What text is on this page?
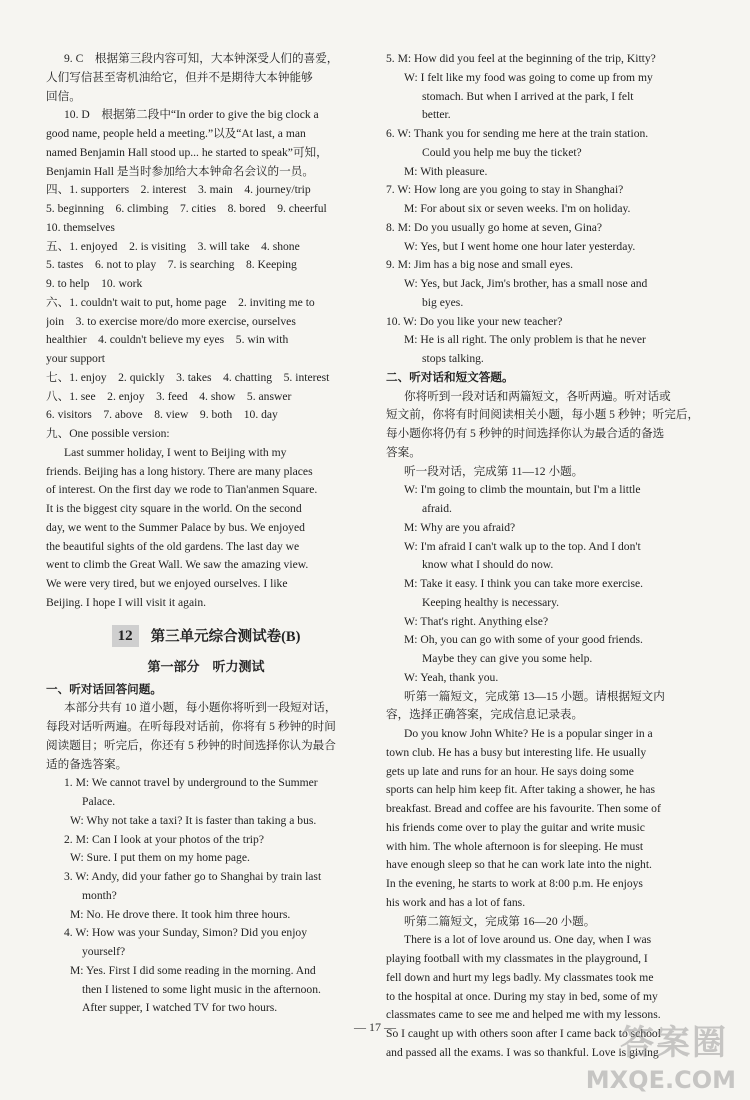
9. C　根据第三段内容可知，大本钟深受人们的喜爱，
人们写信甚至寄机油给它，但并不是期待大本钟能够
回信。
10. D　根据第二段中“In order to give the big clock a
good name, people held a meeting.”以及“At last, a man
named Benjamin Hall stood up... he started to speak”可知，
Benjamin Hall 是当时参加给大本钟命名会议的一员。
四、1. supporters　2. interest　3. main　4. journey/trip
5. beginning　6. climbing　7. cities　8. bored　9. cheerful
10. themselves
五、1. enjoyed　2. is visiting　3. will take　4. shone
5. tastes　6. not to play　7. is searching　8. Keeping
9. to help　10. work
六、1. couldn't wait to put, home page　2. inviting me to
join　3. to exercise more/do more exercise, ourselves
healthier　4. couldn't believe my eyes　5. win with
your support
七、1. enjoy　2. quickly　3. takes　4. chatting　5. interest
八、1. see　2. enjoy　3. feed　4. show　5. answer
6. visitors　7. above　8. view　9. both　10. day
九、One possible version:
Last summer holiday, I went to Beijing with my
friends. Beijing has a long history. There are many places
of interest. On the first day we rode to Tian'anmen Square.
It is the biggest city square in the world. On the second
day, we went to the Summer Palace by bus. We enjoyed
the beautiful sights of the old gardens. The last day we
went to climb the Great Wall. We saw the amazing view.
We were very tired, but we enjoyed ourselves. I like
Beijing. I hope I will visit it again.
12	第三单元综合测试卷(B)
第一部分　听力测试
一、听对话回答问题。
本部分共有 10 道小题，每小题你将听到一段短对话，
每段对话听两遍。在听每段对话前，你将有 5 秒钟的时间
阅读题目；听完后，你还有 5 秒钟的时间选择你认为最合
适的备选答案。
1. M: We cannot travel by underground to the Summer
Palace.
W: Why not take a taxi? It is faster than taking a bus.
2. M: Can I look at your photos of the trip?
W: Sure. I put them on my home page.
3. W: Andy, did your father go to Shanghai by train last
month?
M: No. He drove there. It took him three hours.
4. W: How was your Sunday, Simon? Did you enjoy
yourself?
M: Yes. First I did some reading in the morning. And
then I listened to some light music in the afternoon.
After supper, I watched TV for two hours.
5. M: How did you feel at the beginning of the trip, Kitty?
W: I felt like my food was going to come up from my
stomach. But when I arrived at the park, I felt
better.
6. W: Thank you for sending me here at the train station.
Could you help me buy the ticket?
M: With pleasure.
7. W: How long are you going to stay in Shanghai?
M: For about six or seven weeks. I'm on holiday.
8. M: Do you usually go home at seven, Gina?
W: Yes, but I went home one hour later yesterday.
9. M: Jim has a big nose and small eyes.
W: Yes, but Jack, Jim's brother, has a small nose and
big eyes.
10. W: Do you like your new teacher?
M: He is all right. The only problem is that he never
stops talking.
二、听对话和短文答题。
你将听到一段对话和两篇短文，各听两遍。听对话或
短文前，你将有时间阅读相关小题，每小题 5 秒钟；听完后，
每小题你将仍有 5 秒钟的时间选择你认为最合适的备选
答案。
听一段对话，完成第 11—12 小题。
W: I'm going to climb the mountain, but I'm a little
afraid.
M: Why are you afraid?
W: I'm afraid I can't walk up to the top. And I don't
know what I should do now.
M: Take it easy. I think you can take more exercise.
Keeping healthy is necessary.
W: That's right. Anything else?
M: Oh, you can go with some of your good friends.
Maybe they can give you some help.
W: Yeah, thank you.
听第一篇短文，完成第 13—15 小题。请根据短文内
容，选择正确答案，完成信息记录表。
Do you know John White? He is a popular singer in a
town club. He has a busy but interesting life. He usually
gets up late and runs for an hour. He says doing some
sports can help him keep fit. After taking a shower, he has
breakfast. Bread and coffee are his favourite. Then some of
his friends come over to play the guitar and write music
with him. The whole afternoon is for sleeping. He must
have enough sleep so that he can work late into the night.
In the evening, he starts to work at 8:00 p.m. He enjoys
his work and has a lot of fans.
听第二篇短文，完成第 16—20 小题。
There is a lot of love around us. One day, when I was
playing football with my classmates in the playground, I
fell down and hurt my legs badly. My classmates took me
to the hospital at once. During my stay in bed, some of my
classmates came to see me and helped me with my lessons.
So I caught up with others soon after I came back to school
and passed all the exams. I was so thankful. Love is giving
— 17 —	答案圈
MXQE.COM
